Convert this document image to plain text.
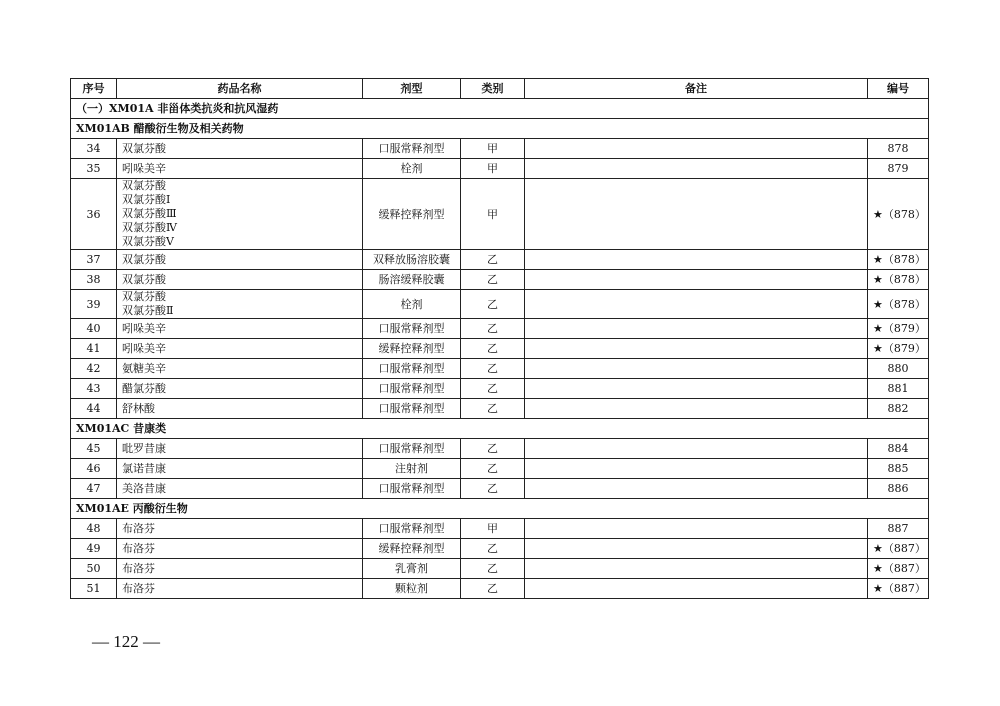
序号	药品名称	剂型	类别	备注	编号
（一）XM01A 非甾体类抗炎和抗风湿药					
XM01AB 醋酸衍生物及相关药物					
34	双氯芬酸	口服常释剂型	甲		878
35	吲哚美辛	栓剂	甲		879
36	双氯芬酸
双氯芬酸Ⅰ
双氯芬酸Ⅲ
双氯芬酸Ⅳ
双氯芬酸Ⅴ	缓释控释剂型	甲		★（878）
37	双氯芬酸	双释放肠溶胶囊	乙		★（878）
38	双氯芬酸	肠溶缓释胶囊	乙		★（878）
39	双氯芬酸
双氯芬酸Ⅱ	栓剂	乙		★（878）
40	吲哚美辛	口服常释剂型	乙		★（879）
41	吲哚美辛	缓释控释剂型	乙		★（879）
42	氨糖美辛	口服常释剂型	乙		880
43	醋氯芬酸	口服常释剂型	乙		881
44	舒林酸	口服常释剂型	乙		882
XM01AC 昔康类					
45	吡罗昔康	口服常释剂型	乙		884
46	氯诺昔康	注射剂	乙		885
47	美洛昔康	口服常释剂型	乙		886
XM01AE 丙酸衍生物					
48	布洛芬	口服常释剂型	甲		887
49	布洛芬	缓释控释剂型	乙		★（887）
50	布洛芬	乳膏剂	乙		★（887）
51	布洛芬	颗粒剂	乙		★（887）
— 122 —
